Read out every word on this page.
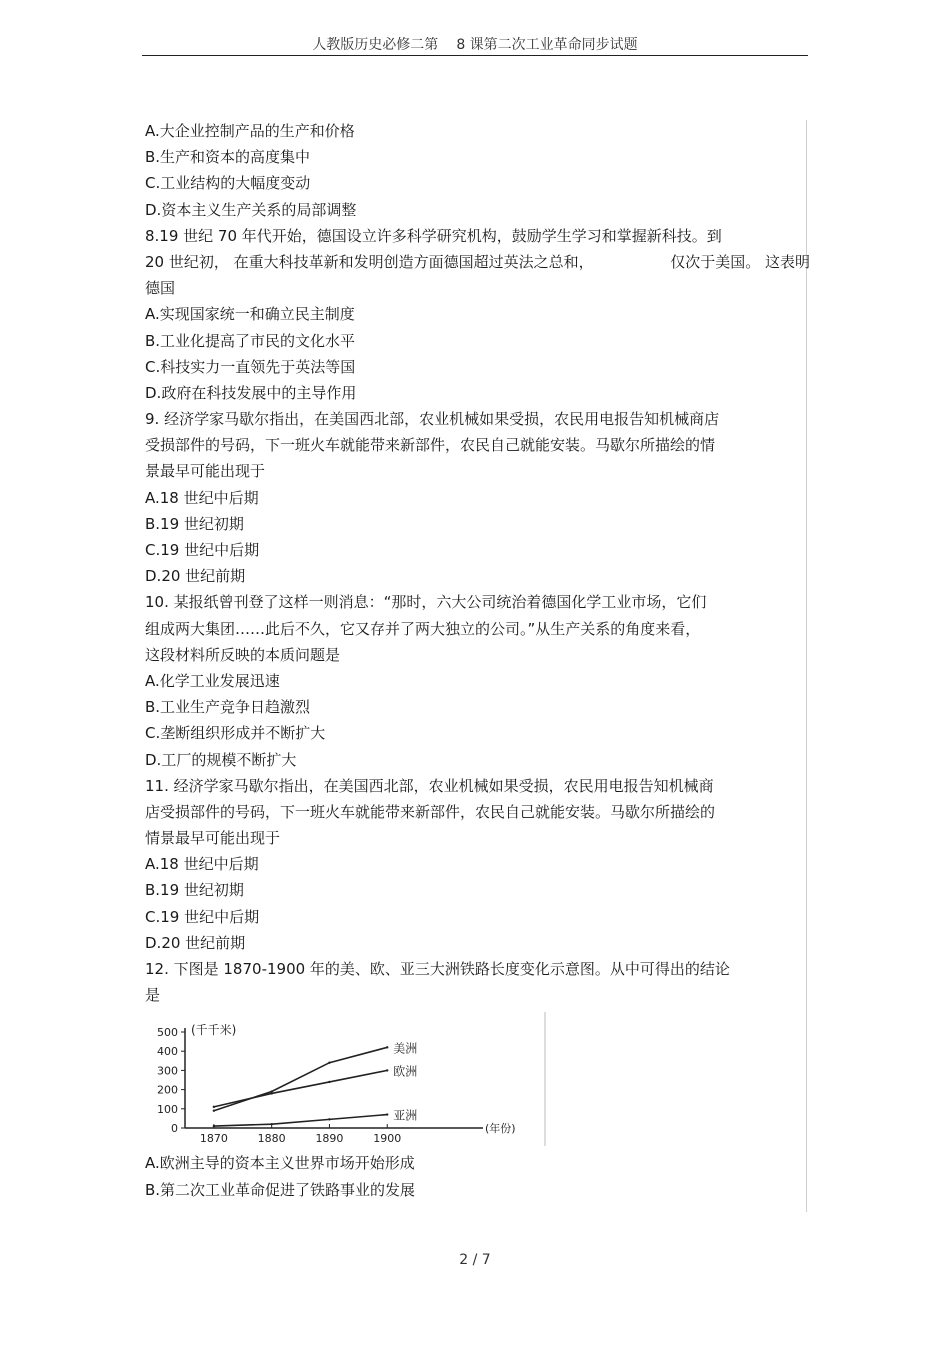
人教版历史必修二第 8 课第二次工业革命同步试题
A.大企业控制产品的生产和价格
B.生产和资本的高度集中
C.工业结构的大幅度变动
D.资本主义生产关系的局部调整
8.19 世纪 70 年代开始，德国设立许多科学研究机构，鼓励学生学习和掌握新科技。到
20 世纪初， 在重大科技革新和发明创造方面德国超过英法之总和，	仅次于美国。 这表明
德国
A.实现国家统一和确立民主制度
B.工业化提高了市民的文化水平
C.科技实力一直领先于英法等国
D.政府在科技发展中的主导作用
9. 经济学家马歇尔指出，在美国西北部，农业机械如果受损，农民用电报告知机械商店
受损部件的号码，下一班火车就能带来新部件，农民自己就能安装。马歇尔所描绘的情
景最早可能出现于
A.18 世纪中后期
B.19 世纪初期
C.19 世纪中后期
D.20 世纪前期
10. 某报纸曾刊登了这样一则消息：“那时，六大公司统治着德国化学工业市场，它们
组成两大集团……此后不久，它又存并了两大独立的公司。”从生产关系的角度来看，
这段材料所反映的本质问题是
A.化学工业发展迅速
B.工业生产竞争日趋激烈
C.垄断组织形成并不断扩大
D.工厂的规模不断扩大
11. 经济学家马歇尔指出，在美国西北部，农业机械如果受损，农民用电报告知机械商
店受损部件的号码，下一班火车就能带来新部件，农民自己就能安装。马歇尔所描绘的
情景最早可能出现于
A.18 世纪中后期
B.19 世纪初期
C.19 世纪中后期
D.20 世纪前期
12. 下图是 1870-1900 年的美、欧、亚三大洲铁路长度变化示意图。从中可得出的结论
是
0
100
200
300
400
500
1870	1880	1890	1900
(千千米)
(年份)
美洲
欧洲
亚洲
A.欧洲主导的资本主义世界市场开始形成
B.第二次工业革命促进了铁路事业的发展
2 / 7
